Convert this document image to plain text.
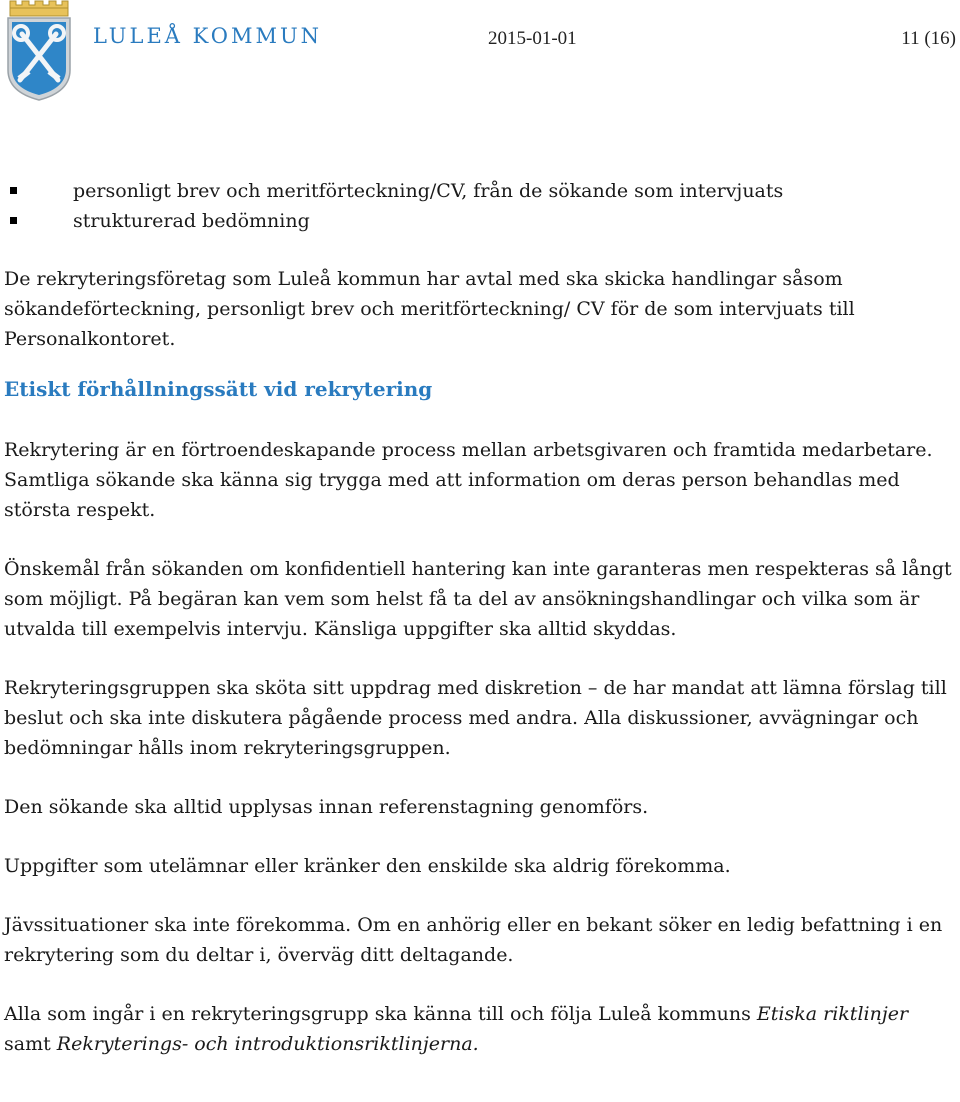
LULEÅ KOMMUN	2015-01-01	11 (16)
personligt brev och meritförteckning/CV, från de sökande som intervjuats
strukturerad bedömning

De rekryteringsföretag som Luleå kommun har avtal med ska skicka handlingar såsom sökandeförteckning, personligt brev och meritförteckning/ CV för de som intervjuats till Personalkontoret.

Etiskt förhållningssätt vid rekrytering

Rekrytering är en förtroendeskapande process mellan arbetsgivaren och framtida medarbetare. Samtliga sökande ska känna sig trygga med att information om deras person behandlas med största respekt.

Önskemål från sökanden om konfidentiell hantering kan inte garanteras men respekteras så långt som möjligt. På begäran kan vem som helst få ta del av ansökningshandlingar och vilka som är utvalda till exempelvis intervju. Känsliga uppgifter ska alltid skyddas.

Rekryteringsgruppen ska sköta sitt uppdrag med diskretion – de har mandat att lämna förslag till beslut och ska inte diskutera pågående process med andra. Alla diskussioner, avvägningar och bedömningar hålls inom rekryteringsgruppen.

Den sökande ska alltid upplysas innan referenstagning genomförs.

Uppgifter som utelämnar eller kränker den enskilde ska aldrig förekomma.

Jävssituationer ska inte förekomma. Om en anhörig eller en bekant söker en ledig befattning i en rekrytering som du deltar i, överväg ditt deltagande.

Alla som ingår i en rekryteringsgrupp ska känna till och följa Luleå kommuns Etiska riktlinjer samt Rekryterings- och introduktionsriktlinjerna.
